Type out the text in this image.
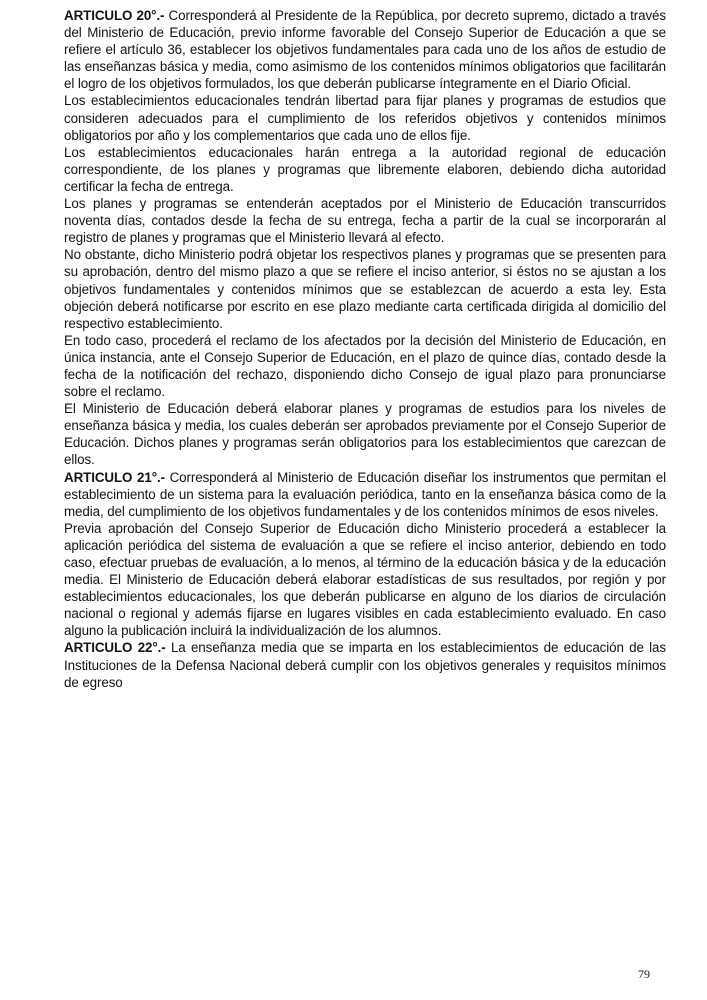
ARTICULO 20°.- Corresponderá al Presidente de la República, por decreto supremo, dictado a través del Ministerio de Educación, previo informe favorable del Consejo Superior de Educación a que se refiere el artículo 36, establecer los objetivos fundamentales para cada uno de los años de estudio de las enseñanzas básica y media, como asimismo de los contenidos mínimos obligatorios que facilitarán el logro de los objetivos formulados, los que deberán publicarse íntegramente en el Diario Oficial.

Los establecimientos educacionales tendrán libertad para fijar planes y programas de estudios que consideren adecuados para el cumplimiento de los referidos objetivos y contenidos mínimos obligatorios por año y los complementarios que cada uno de ellos fije.

Los establecimientos educacionales harán entrega a la autoridad regional de educación correspondiente, de los planes y programas que libremente elaboren, debiendo dicha autoridad certificar la fecha de entrega.

Los planes y programas se entenderán aceptados por el Ministerio de Educación transcurridos noventa días, contados desde la fecha de su entrega, fecha a partir de la cual se incorporarán al registro de planes y programas que el Ministerio llevará al efecto.

No obstante, dicho Ministerio podrá objetar los respectivos planes y programas que se presenten para su aprobación, dentro del mismo plazo a que se refiere el inciso anterior, si éstos no se ajustan a los objetivos fundamentales y contenidos mínimos que se establezcan de acuerdo a esta ley. Esta objeción deberá notificarse por escrito en ese plazo mediante carta certificada dirigida al domicilio del respectivo establecimiento.

En todo caso, procederá el reclamo de los afectados por la decisión del Ministerio de Educación, en única instancia, ante el Consejo Superior de Educación, en el plazo de quince días, contado desde la fecha de la notificación del rechazo, disponiendo dicho Consejo de igual plazo para pronunciarse sobre el reclamo.

El Ministerio de Educación deberá elaborar planes y programas de estudios para los niveles de enseñanza básica y media, los cuales deberán ser aprobados previamente por el Consejo Superior de Educación. Dichos planes y programas serán obligatorios para los establecimientos que carezcan de ellos.

ARTICULO 21°.- Corresponderá al Ministerio de Educación diseñar los instrumentos que permitan el establecimiento de un sistema para la evaluación periódica, tanto en la enseñanza básica como de la media, del cumplimiento de los objetivos fundamentales y de los contenidos mínimos de esos niveles.

Previa aprobación del Consejo Superior de Educación dicho Ministerio procederá a establecer la aplicación periódica del sistema de evaluación a que se refiere el inciso anterior, debiendo en todo caso, efectuar pruebas de evaluación, a lo menos, al término de la educación básica y de la educación media. El Ministerio de Educación deberá elaborar estadísticas de sus resultados, por región y por establecimientos educacionales, los que deberán publicarse en alguno de los diarios de circulación nacional o regional y además fijarse en lugares visibles en cada establecimiento evaluado. En caso alguno la publicación incluirá la individualización de los alumnos.

ARTICULO 22°.- La enseñanza media que se imparta en los establecimientos de educación de las Instituciones de la Defensa Nacional deberá cumplir con los objetivos generales y requisitos mínimos de egreso

79
